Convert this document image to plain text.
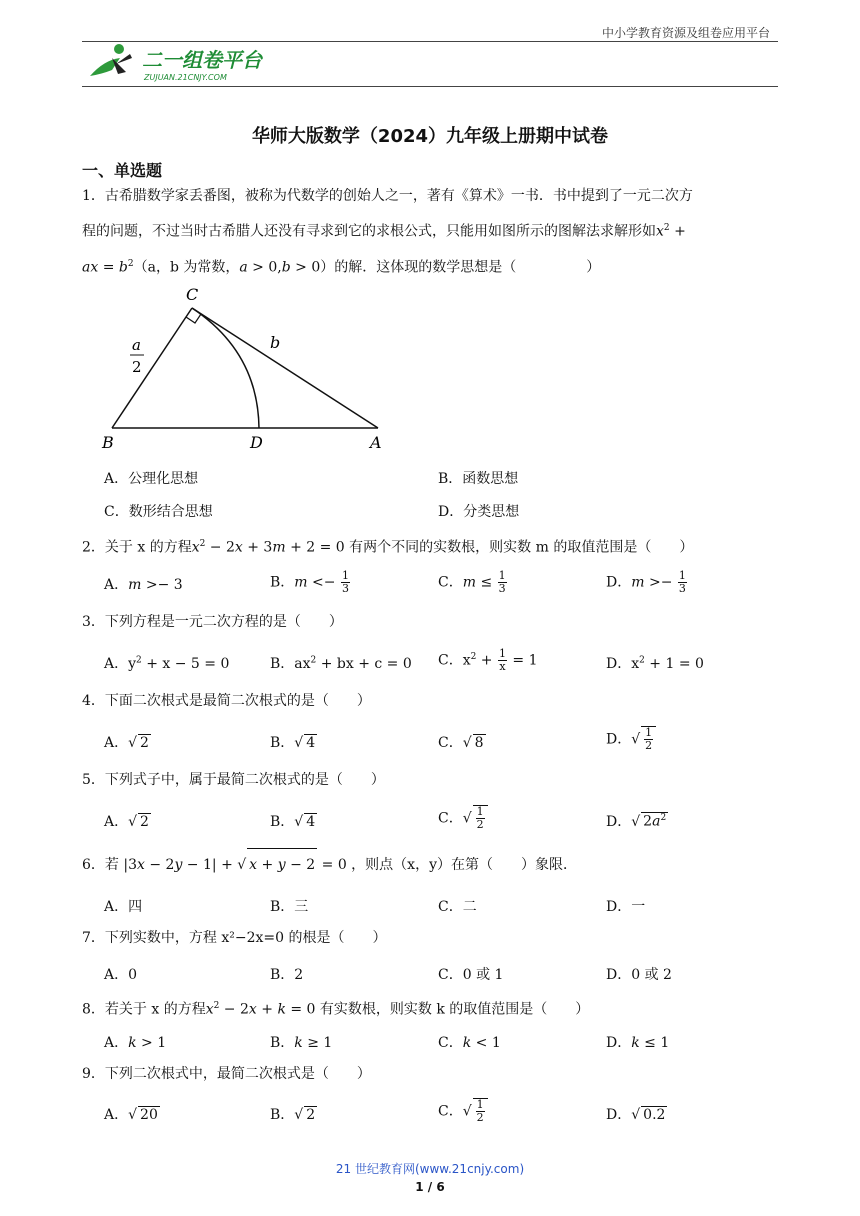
中小学教育资源及组卷应用平台
二一组卷平台
ZUJUAN.21CNJY.COM
华师大版数学（2024）九年级上册期中试卷
一、单选题
1．古希腊数学家丢番图，被称为代数学的创始人之一，著有《算术》一书．书中提到了一元二次方
程的问题，不过当时古希腊人还没有寻求到它的求根公式，只能用如图所示的图解法求解形如$x^2$ +
ax = $b^2(a$，b 为常数，a > 0,b > 0）的解．这体现的数学思想是（　　　　　）
C
B	D	A
b
a
2
A．公理化思想	B．函数思想
C．数形结合思想	D．分类思想
2．关于 x 的方程$x^2 - 2x + 3m + 2 = 0$ 有两个不同的实数根，则实数 m 的取值范围是（　　）
A．m >− 3	B．$m <- \frac{1}{3}$	C．$m \le \frac{1}{3}$	D．$m >- \frac{1}{3}$
3．下列方程是一元二次方程的是（　　）
A．$y^2 + x - 5 = 0$	B．$ax^2$ + bx + c = 0 C．$x^2 + \frac{1}{x} = 1$	D．$x^2 + 1 = 0$
4．下面二次根式是最简二次根式的是（　　）
A．√ 2	B．√ 4	C．√ 8	D．√ $\frac{1}{2}$
5．下列式子中，属于最简二次根式的是（　　）
A．√ 2	B．√ 4	C．√ $\frac{1}{2}$	D．√ $2a^2$
6．若 |3x − 2y − 1| + √ x + y − 2 = 0 ，则点（x，y）在第（　　）象限．
A．四	B．三	C．二	D．一
7．下列实数中，方程 x²−2x=0 的根是（　　）
A．0	B．2	C．0 或 1	D．0 或 2
8．若关于 x 的方程$x^2 - 2x + k = 0$ 有实数根，则实数 k 的取值范围是（　　）
A．k > 1	B．k ≥ 1	C．k < 1	D．k ≤ 1
9．下列二次根式中，最简二次根式是（　　）
A．√ 20	B．√ 2	C．√ $\frac{1}{2}$	D．√ 0.2
21 世纪教育网(www.21cnjy.com)
1 / 6
